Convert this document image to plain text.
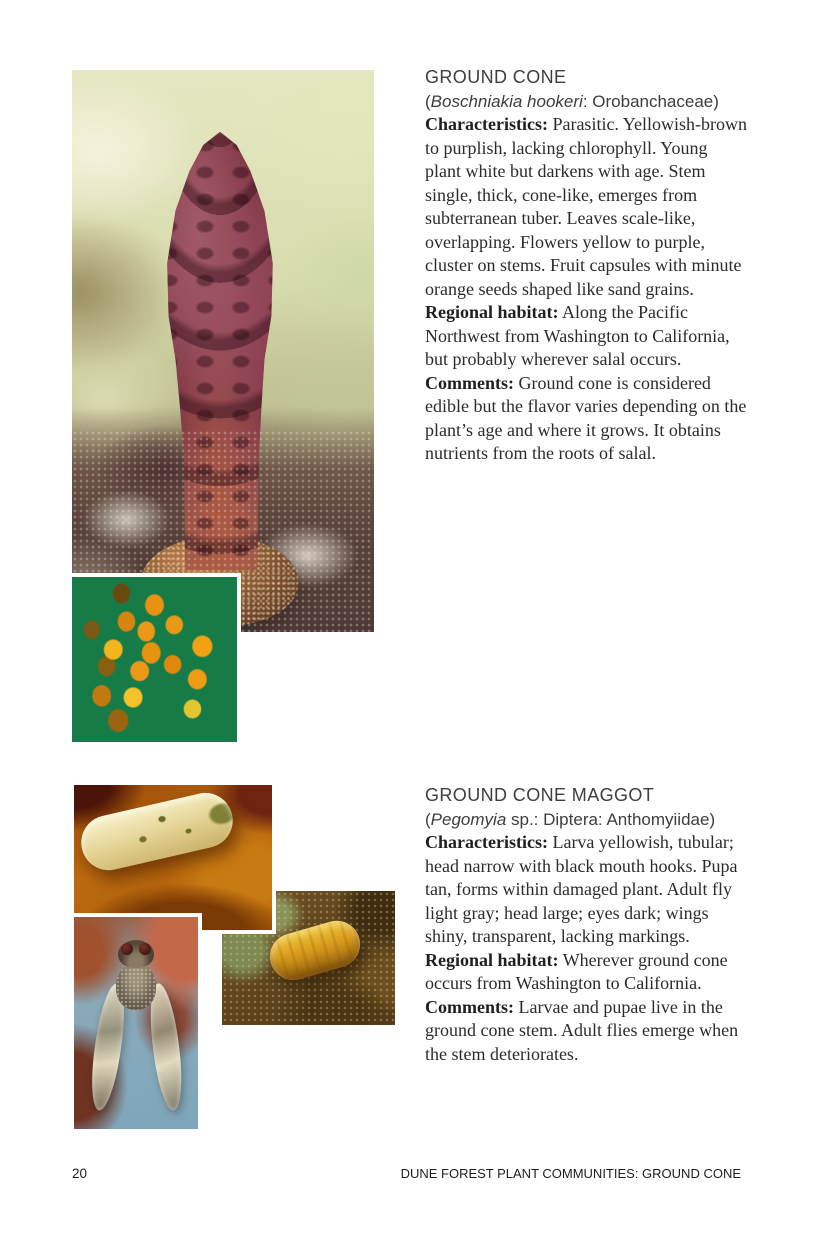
GROUND CONE

(Boschniakia hookeri: Orobanchaceae)

Characteristics: Parasitic. Yellowish-brown to purplish, lacking chlorophyll. Young plant white but darkens with age. Stem single, thick, cone-like, emerges from subterranean tuber. Leaves scale-like, overlapping. Flowers yellow to purple, cluster on stems. Fruit capsules with minute orange seeds shaped like sand grains.

Regional habitat: Along the Pacific Northwest from Washington to California, but probably wherever salal occurs.

Comments: Ground cone is considered edible but the flavor varies depending on the plant’s age and where it grows. It obtains nutrients from the roots of salal.

GROUND CONE MAGGOT

(Pegomyia sp.: Diptera: Anthomyiidae)

Characteristics: Larva yellowish, tubular; head narrow with black mouth hooks. Pupa tan, forms within damaged plant. Adult fly light gray; head large; eyes dark; wings shiny, transparent, lacking markings.

Regional habitat: Wherever ground cone occurs from Washington to California.

Comments: Larvae and pupae live in the ground cone stem. Adult flies emerge when the stem deteriorates.

20	DUNE FOREST PLANT COMMUNITIES: GROUND CONE
